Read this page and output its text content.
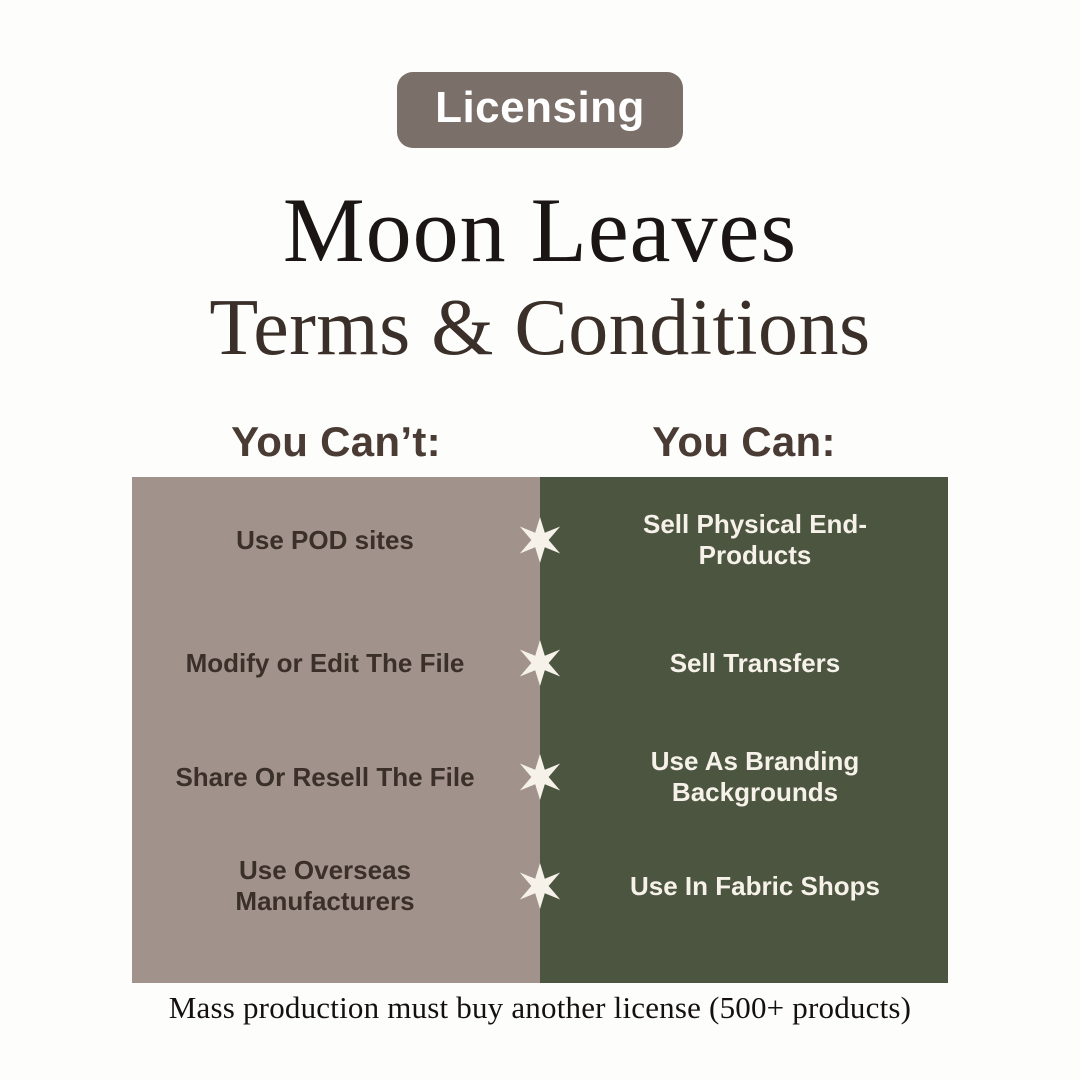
Licensing
Moon Leaves
Terms & Conditions
You Can’t:	You Can:
Use POD sites
Sell Physical End-Products
Modify or Edit The File	Sell Transfers
Share Or Resell The File
Use As Branding Backgrounds
Use Overseas Manufacturers
Use In Fabric Shops
Mass production must buy another license (500+ products)
